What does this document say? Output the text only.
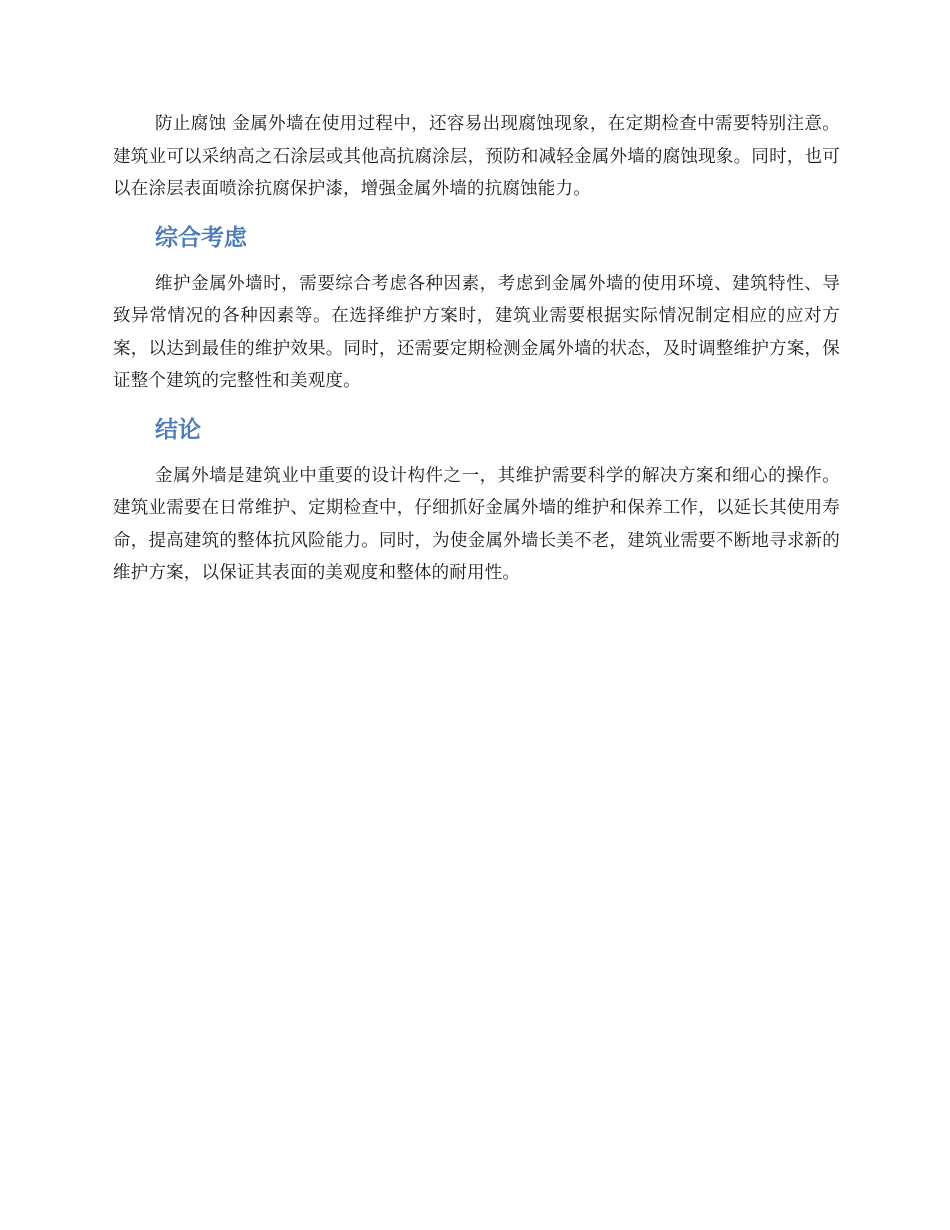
防止腐蚀 金属外墙在使用过程中，还容易出现腐蚀现象，在定期检查中需要特别注意。建筑业可以采纳高之石涂层或其他高抗腐涂层，预防和减轻金属外墙的腐蚀现象。同时，也可以在涂层表面喷涂抗腐保护漆，增强金属外墙的抗腐蚀能力。

综合考虑

维护金属外墙时，需要综合考虑各种因素，考虑到金属外墙的使用环境、建筑特性、导致异常情况的各种因素等。在选择维护方案时，建筑业需要根据实际情况制定相应的应对方案，以达到最佳的维护效果。同时，还需要定期检测金属外墙的状态，及时调整维护方案，保证整个建筑的完整性和美观度。

结论

金属外墙是建筑业中重要的设计构件之一，其维护需要科学的解决方案和细心的操作。建筑业需要在日常维护、定期检查中，仔细抓好金属外墙的维护和保养工作，以延长其使用寿命，提高建筑的整体抗风险能力。同时，为使金属外墙长美不老，建筑业需要不断地寻求新的维护方案，以保证其表面的美观度和整体的耐用性。
